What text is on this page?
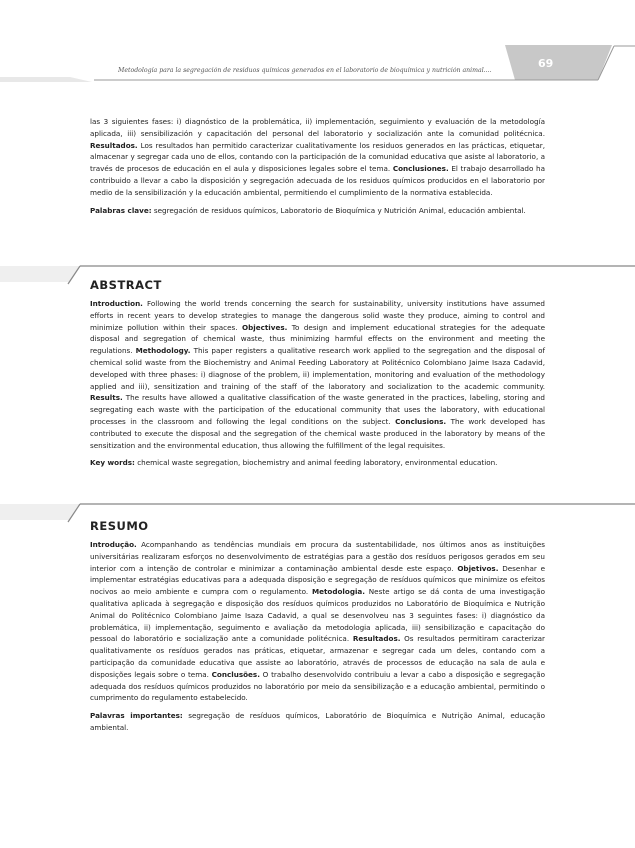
Metodología para la segregación de residuos químicos generados en el laboratorio de bioquímica y nutrición animal....
69

las 3 siguientes fases: i) diagnóstico de la problemática, ii) implementación, seguimiento y evaluación de la metodología aplicada, iii) sensibilización y capacitación del personal del laboratorio y socialización ante la comunidad politécnica. Resultados. Los resultados han permitido caracterizar cualitativamente los residuos generados en las prácticas, etiquetar, almacenar y segregar cada uno de ellos, contando con la participación de la comunidad educativa que asiste al laboratorio, a través de procesos de educación en el aula y disposiciones legales sobre el tema. Conclusiones. El trabajo desarrollado ha contribuido a llevar a cabo la disposición y segregación adecuada de los residuos químicos producidos en el laboratorio por medio de la sensibilización y la educación ambiental, permitiendo el cumplimiento de la normativa establecida.

Palabras clave: segregación de residuos químicos, Laboratorio de Bioquímica y Nutrición Animal, educación ambiental.

ABSTRACT

Introduction. Following the world trends concerning the search for sustainability, university institutions have assumed efforts in recent years to develop strategies to manage the dangerous solid waste they produce, aiming to control and minimize pollution within their spaces. Objectives. To design and implement educational strategies for the adequate disposal and segregation of chemical waste, thus minimizing harmful effects on the environment and meeting the regulations. Methodology. This paper registers a qualitative research work applied to the segregation and the disposal of chemical solid waste from the Biochemistry and Animal Feeding Laboratory at Politécnico Colombiano Jaime Isaza Cadavid, developed with three phases: i) diagnose of the problem, ii) implementation, monitoring and evaluation of the methodology applied and iii), sensitization and training of the staff of the laboratory and socialization to the academic community. Results. The results have allowed a qualitative classification of the waste generated in the practices, labeling, storing and segregating each waste with the participation of the educational community that uses the laboratory, with educational processes in the classroom and following the legal conditions on the subject. Conclusions. The work developed has contributed to execute the disposal and the segregation of the chemical waste produced in the laboratory by means of the sensitization and the environmental education, thus allowing the fulfillment of the legal requisites.

Key words: chemical waste segregation, biochemistry and animal feeding laboratory, environmental education.

RESUMO

Introdução. Acompanhando as tendências mundiais em procura da sustentabilidade, nos últimos anos as instituições universitárias realizaram esforços no desenvolvimento de estratégias para a gestão dos resíduos perigosos gerados em seu interior com a intenção de controlar e minimizar a contaminação ambiental desde este espaço. Objetivos. Desenhar e implementar estratégias educativas para a adequada disposição e segregação de resíduos químicos que minimize os efeitos nocivos ao meio ambiente e cumpra com o regulamento. Metodologia. Neste artigo se dá conta de uma investigação qualitativa aplicada à segregação e disposição dos resíduos químicos produzidos no Laboratório de Bioquímica e Nutrição Animal do Politécnico Colombiano Jaime Isaza Cadavid, a qual se desenvolveu nas 3 seguintes fases: i) diagnóstico da problemática, ii) implementação, seguimento e avaliação da metodologia aplicada, iii) sensibilização e capacitação do pessoal do laboratório e socialização ante a comunidade politécnica. Resultados. Os resultados permitiram caracterizar qualitativamente os resíduos gerados nas práticas, etiquetar, armazenar e segregar cada um deles, contando com a participação da comunidade educativa que assiste ao laboratório, através de processos de educação na sala de aula e disposições legais sobre o tema. Conclusões. O trabalho desenvolvido contribuiu a levar a cabo a disposição e segregação adequada dos resíduos químicos produzidos no laboratório por meio da sensibilização e a educação ambiental, permitindo o cumprimento do regulamento estabelecido.

Palavras importantes: segregação de resíduos químicos, Laboratório de Bioquímica e Nutrição Animal, educação ambiental.
